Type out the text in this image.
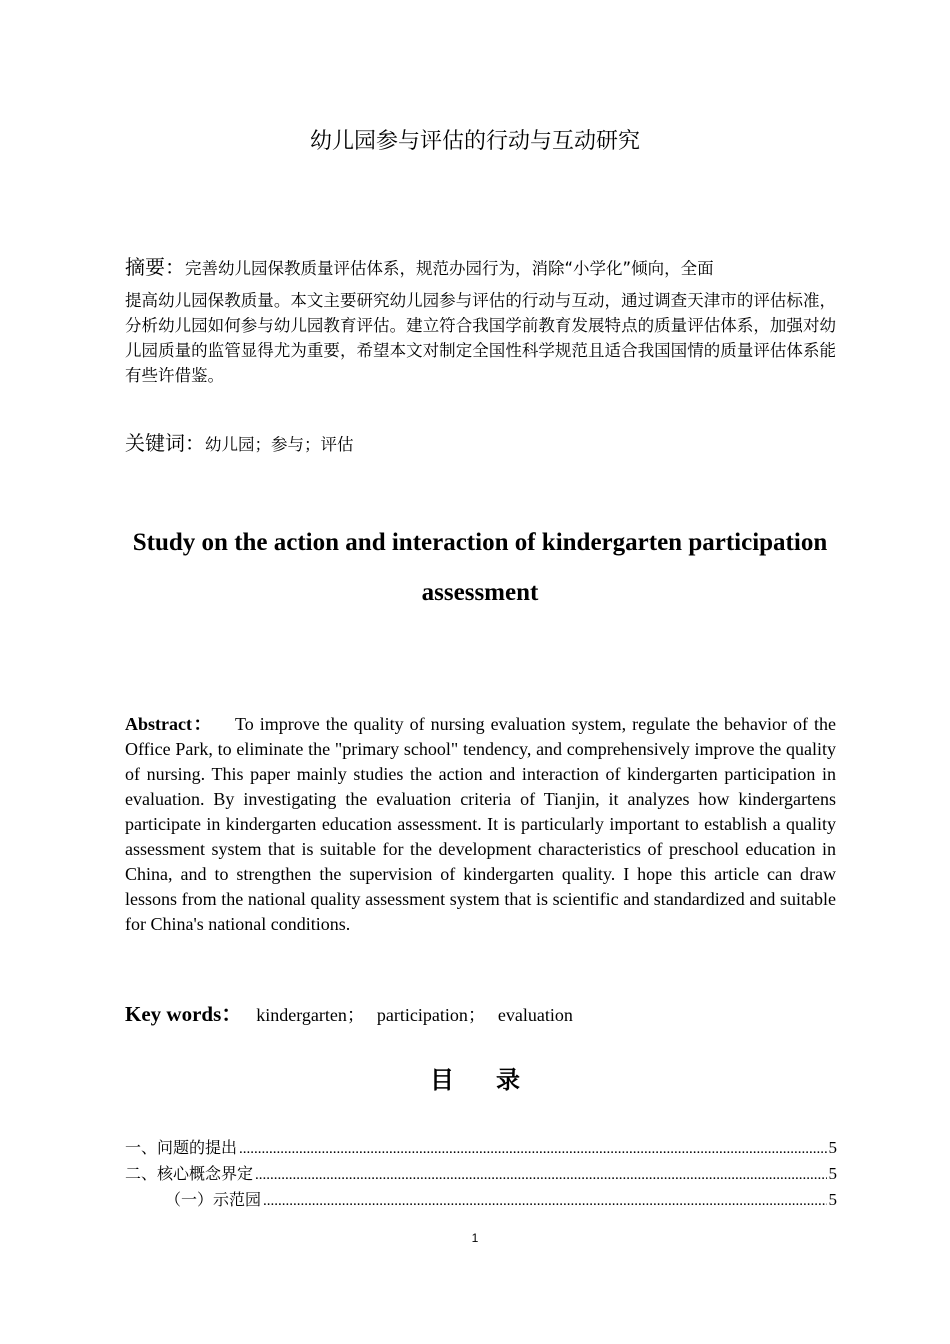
幼儿园参与评估的行动与互动研究
摘要：完善幼儿园保教质量评估体系，规范办园行为，消除“小学化”倾向，全面
提高幼儿园保教质量。本文主要研究幼儿园参与评估的行动与互动，通过调查天津市的评估标准，分析幼儿园如何参与幼儿园教育评估。建立符合我国学前教育发展特点的质量评估体系，加强对幼儿园质量的监管显得尤为重要，希望本文对制定全国性科学规范且适合我国国情的质量评估体系能有些许借鉴。
关键词：幼儿园；参与；评估
Study on the action and interaction of kindergarten participation assessment
Abstract： To improve the quality of nursing evaluation system, regulate the behavior of the Office Park, to eliminate the "primary school" tendency, and comprehensively improve the quality of nursing. This paper mainly studies the action and interaction of kindergarten participation in evaluation. By investigating the evaluation criteria of Tianjin, it analyzes how kindergartens participate in kindergarten education assessment. It is particularly important to establish a quality assessment system that is suitable for the development characteristics of preschool education in China, and to strengthen the supervision of kindergarten quality. I hope this article can draw lessons from the national quality assessment system that is scientific and standardized and suitable for China's national conditions.
Key words： kindergarten； participation； evaluation
目录
一、问题的提出 .....	5
二、核心概念界定 .....	5
（一）示范园 .....	5
1
